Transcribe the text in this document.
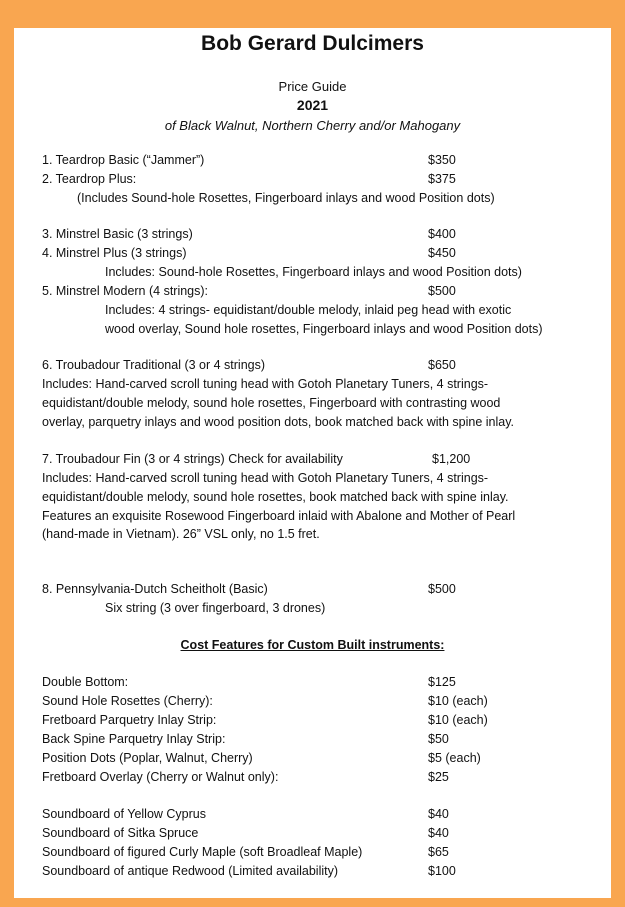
Bob Gerard Dulcimers
Price Guide
2021
of Black Walnut, Northern Cherry and/or Mahogany
1. Teardrop Basic (“Jammer”)	$350
2. Teardrop Plus:	$375
(Includes Sound-hole Rosettes, Fingerboard inlays and wood Position dots)
3. Minstrel Basic (3 strings)	$400
4. Minstrel Plus (3 strings)	$450
Includes: Sound-hole Rosettes, Fingerboard inlays and wood Position dots)
5. Minstrel Modern (4 strings):	$500
Includes: 4 strings- equidistant/double melody, inlaid peg head with exotic
wood overlay, Sound hole rosettes, Fingerboard inlays and wood Position dots)
6. Troubadour Traditional (3 or 4 strings)	$650
Includes: Hand-carved scroll tuning head with Gotoh Planetary Tuners, 4 strings-
equidistant/double melody, sound hole rosettes, Fingerboard with contrasting wood
overlay, parquetry inlays and wood position dots, book matched back with spine inlay.
7. Troubadour Fin (3 or 4 strings) Check for availability	$1,200
Includes: Hand-carved scroll tuning head with Gotoh Planetary Tuners, 4 strings-
equidistant/double melody, sound hole rosettes, book matched back with spine inlay.
Features an exquisite Rosewood Fingerboard inlaid with Abalone and Mother of Pearl
(hand-made in Vietnam). 26” VSL only, no 1.5 fret.
8. Pennsylvania-Dutch Scheitholt (Basic)	$500
Six string (3 over fingerboard, 3 drones)
Cost Features for Custom Built instruments:
Double Bottom:	$125
Sound Hole Rosettes (Cherry):	$10 (each)
Fretboard Parquetry Inlay Strip:	$10 (each)
Back Spine Parquetry Inlay Strip:	$50
Position Dots (Poplar, Walnut, Cherry)	$5 (each)
Fretboard Overlay (Cherry or Walnut only):	$25
Soundboard of Yellow Cyprus	$40
Soundboard of Sitka Spruce	$40
Soundboard of figured Curly Maple (soft Broadleaf Maple)	$65
Soundboard of antique Redwood (Limited availability)	$100
